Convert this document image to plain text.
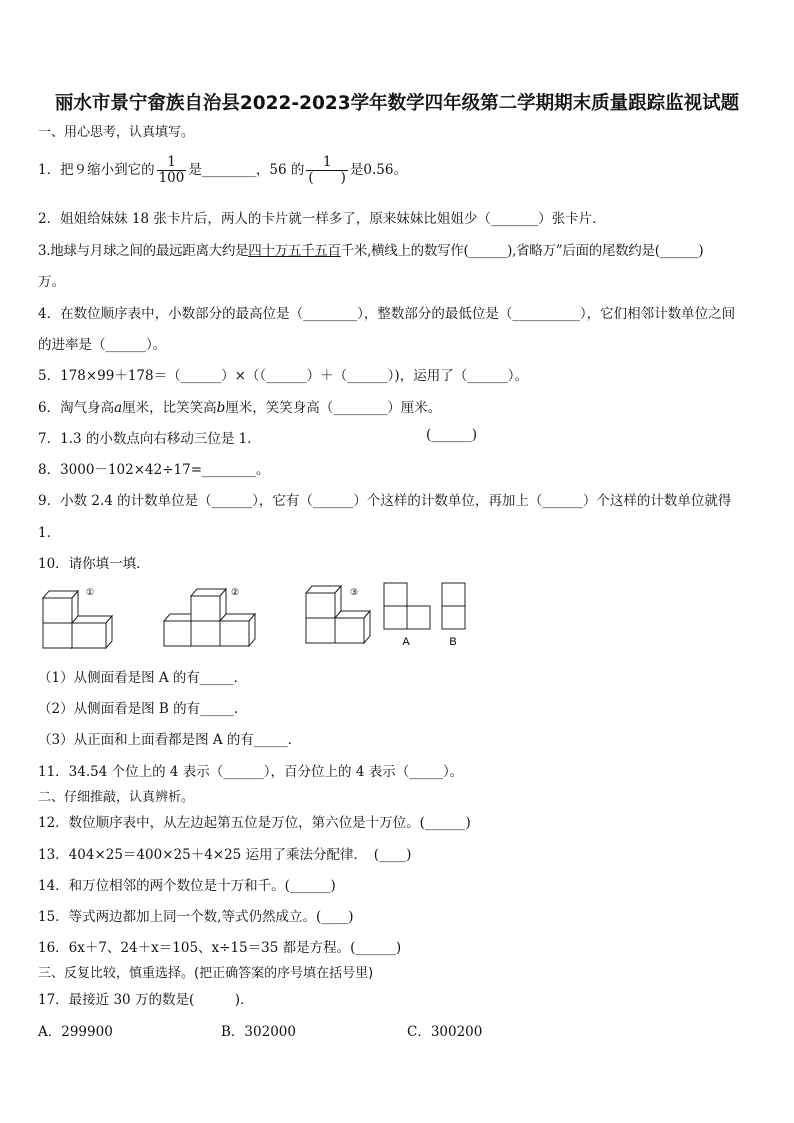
丽水市景宁畲族自治县2022-2023学年数学四年级第二学期期末质量跟踪监视试题
一、用心思考，认真填写。
1．把９缩小到它的 $\frac{1}{100}$ 是________，56 的 $\frac{1}{( )}$ 是0.56。
2．姐姐给妹妹 18 张卡片后，两人的卡片就一样多了，原来妹妹比姐姐少（_______）张卡片．
3.地球与月球之间的最远距离大约是四十万五千五百千米,横线上的数写作(______),省略万”后面的尾数约是(______)
万。
4．在数位顺序表中，小数部分的最高位是（________），整数部分的最低位是（__________），它们相邻计数单位之间
的进率是（______）。
5．178×99＋178＝（______）×（（______）＋（______）)，运用了（______）。
6．淘气身高a厘米，比笑笑高b厘米，笑笑身高（________）厘米。
7．1.3 的小数点向右移动三位是 1．	(______)
8．3000－102×42÷17=________。
9．小数 2.4 的计数单位是（______），它有（______）个这样的计数单位，再加上（______）个这样的计数单位就得
1．
10．请你填一填．
①	②	③
A	B
（1）从侧面看是图 A 的有_____．
（2）从侧面看是图 B 的有_____．
（3）从正面和上面看都是图 A 的有_____．
11．34.54 个位上的 4 表示（______），百分位上的 4 表示（_____）。
二、仔细推敲，认真辨析。
12．数位顺序表中，从左边起第五位是万位，第六位是十万位。(______)
13．404×25＝400×25＋4×25 运用了乘法分配律．　(____)
14．和万位相邻的两个数位是十万和千。(______)
15．等式两边都加上同一个数,等式仍然成立。(____)
16．6x＋7、24＋x＝105、x÷15＝35 都是方程。(______)
三、反复比较，慎重选择。(把正确答案的序号填在括号里)
17．最接近 30 万的数是(　　　)．
A．299900	B．302000	C．300200
